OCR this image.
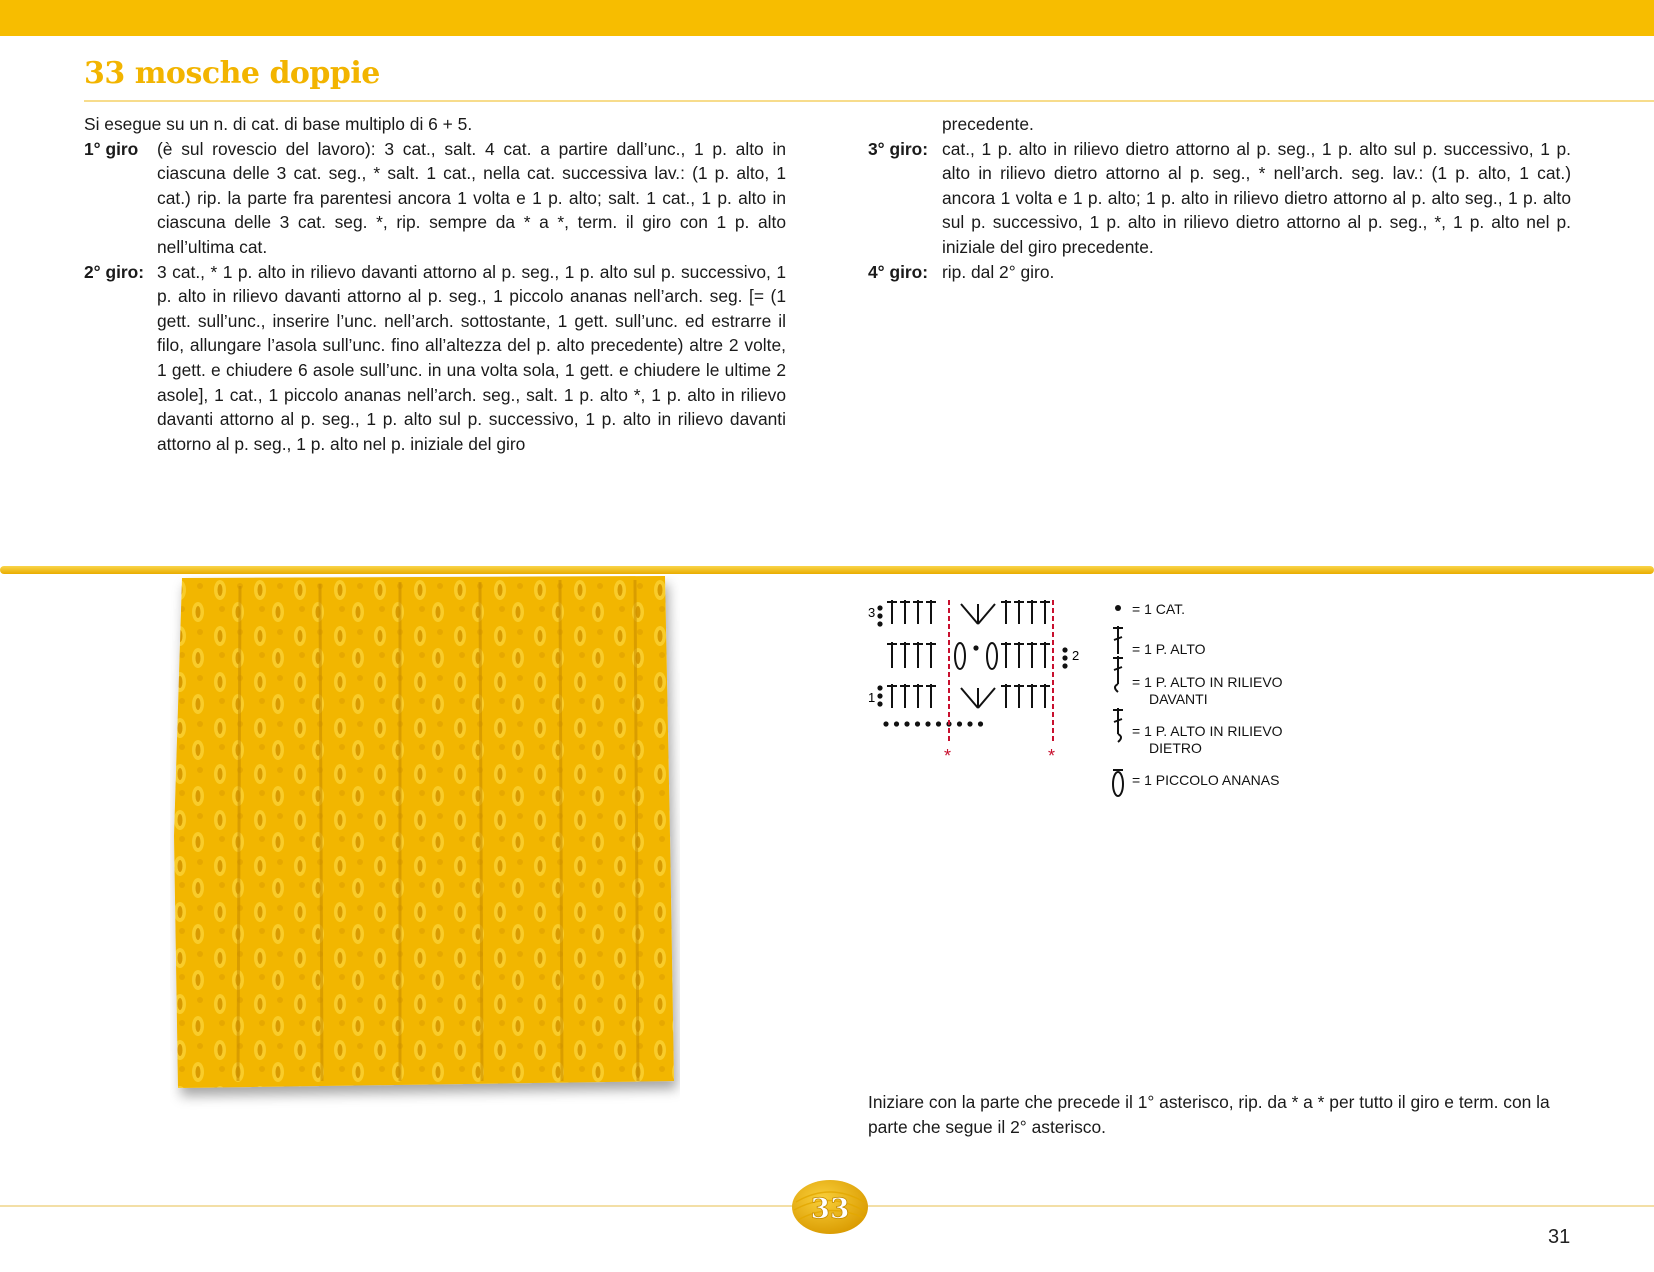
33 mosche doppie

Si esegue su un n. di cat. di base multiplo di 6 + 5.

1° giro	(è sul rovescio del lavoro): 3 cat., salt. 4 cat. a partire dall’unc., 1 p. alto in ciascuna delle 3 cat. seg., * salt. 1 cat., nella cat. successiva lav.: (1 p. alto, 1 cat.) rip. la parte fra parentesi ancora 1 volta e 1 p. alto; salt. 1 cat., 1 p. alto in ciascuna delle 3 cat. seg. *, rip. sempre da * a *, term. il giro con 1 p. alto nell’ultima cat.
2° giro: 3 cat., * 1 p. alto in rilievo davanti attorno al p. seg., 1 p. alto sul p. successivo, 1 p. alto in rilievo davanti attorno al p. seg., 1 piccolo ananas nell’arch. seg. [= (1 gett. sull’unc., inserire l’unc. nell’arch. sottostante, 1 gett. sull’unc. ed estrarre il filo, allungare l’asola sull’unc. fino all’altezza del p. alto precedente) altre 2 volte, 1 gett. e chiudere 6 asole sull’unc. in una volta sola, 1 gett. e chiudere le ultime 2 asole], 1 cat., 1 piccolo ananas nell’arch. seg., salt. 1 p. alto *, 1 p. alto in rilievo davanti attorno al p. seg., 1 p. alto sul p. successivo, 1 p. alto in rilievo davanti attorno al p. seg., 1 p. alto nel p. iniziale del giro

precedente.

3° giro: cat., 1 p. alto in rilievo dietro attorno al p. seg., 1 p. alto sul p. successivo, 1 p. alto in rilievo dietro attorno al p. seg., * nell’arch. seg. lav.: (1 p. alto, 1 cat.) ancora 1 volta e 1 p. alto; 1 p. alto in rilievo dietro attorno al p. alto seg., 1 p. alto sul p. successivo, 1 p. alto in rilievo dietro attorno al p. seg., *, 1 p. alto nel p. iniziale del giro precedente.
4° giro: rip. dal 2° giro.
3
2
1
*	*
= 1 CAT.
= 1 P. ALTO
= 1 P. ALTO IN RILIEVO
DAVANTI
= 1 P. ALTO IN RILIEVO
DIETRO
= 1 PICCOLO ANANAS
Iniziare con la parte che precede il 1° asterisco, rip. da * a * per tutto il giro e term. con la parte che segue il 2° asterisco.
33
31
